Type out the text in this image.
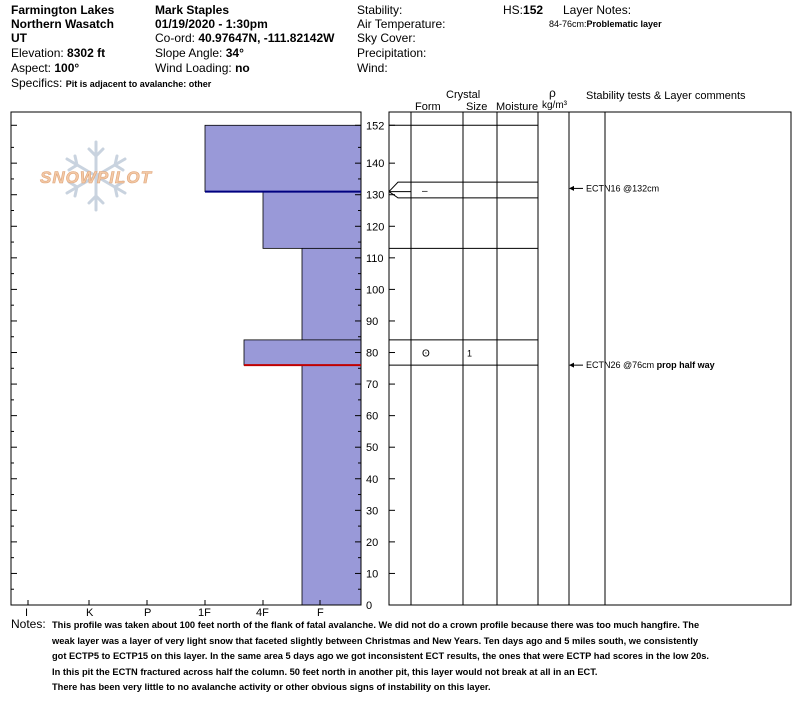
Farmington Lakes
Northern Wasatch
UT
Elevation: 8302 ft
Aspect: 100°
Specifics: Pit is adjacent to avalanche: other
Mark Staples
01/19/2020 - 1:30pm
Co-ord: 40.97647N, -111.82142W
Slope Angle: 34°
Wind Loading: no
Stability:
Air Temperature:
Sky Cover:
Precipitation:
Wind:
HS:152 Layer Notes:
84-76cm:Problematic layer
Crystal
Form Size Moisture
ρ
kg/m³
Stability tests & Layer comments
152
140
130
120
110
100
90
80
70
60
50
40
30
20
10
0
I	K	P	1F	4F	F
–
ʘ	1
ECTN16 @132cm
ECTN26 @76cm prop half way
SNOWPILOT
Notes: This profile was taken about 100 feet north of the flank of fatal avalanche. We did not do a crown profile because there was too much hangfire. The
weak layer was a layer of very light snow that faceted slightly between Christmas and New Years. Ten days ago and 5 miles south, we consistently
got ECTP5 to ECTP15 on this layer. In the same area 5 days ago we got inconsistent ECT results, the ones that were ECTP had scores in the low 20s.
In this pit the ECTN fractured across half the column. 50 feet north in another pit, this layer would not break at all in an ECT.
There has been very little to no avalanche activity or other obvious signs of instability on this layer.
